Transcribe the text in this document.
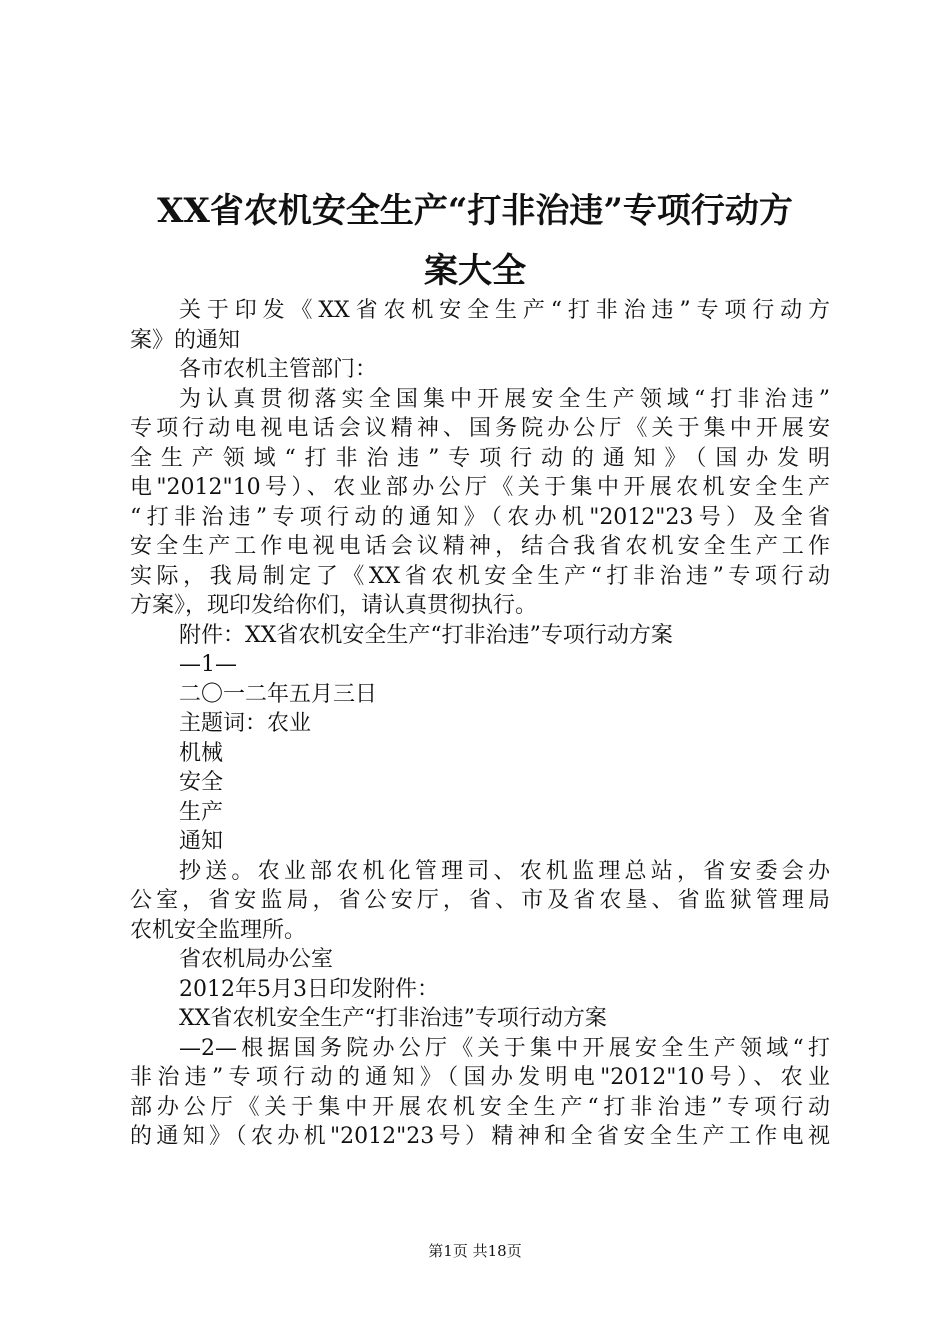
XX省农机安全生产“打非治违”专项行动方
案大全
关于印发《XX省农机安全生产“打非治违”专项行动方
案》的通知
各市农机主管部门：
为认真贯彻落实全国集中开展安全生产领域“打非治违”
专项行动电视电话会议精神、国务院办公厅《关于集中开展安
全生产领域“打非治违”专项行动的通知》（国办发明
电"2012"10号）、农业部办公厅《关于集中开展农机安全生产
“打非治违”专项行动的通知》（农办机"2012"23号）及全省
安全生产工作电视电话会议精神，结合我省农机安全生产工作
实际，我局制定了《XX省农机安全生产“打非治违”专项行动
方案》，现印发给你们，请认真贯彻执行。
附件：XX省农机安全生产“打非治违”专项行动方案
—1—
二〇一二年五月三日
主题词：农业
机械
安全
生产
通知
抄送。农业部农机化管理司、农机监理总站，省安委会办
公室，省安监局，省公安厅，省、市及省农垦、省监狱管理局
农机安全监理所。
省农机局办公室
2012年5月3日印发附件：
XX省农机安全生产“打非治违”专项行动方案
—2—根据国务院办公厅《关于集中开展安全生产领域“打
非治违”专项行动的通知》（国办发明电"2012"10号）、农业
部办公厅《关于集中开展农机安全生产“打非治违”专项行动
的通知》（农办机"2012"23号）精神和全省安全生产工作电视
第1页 共18页
